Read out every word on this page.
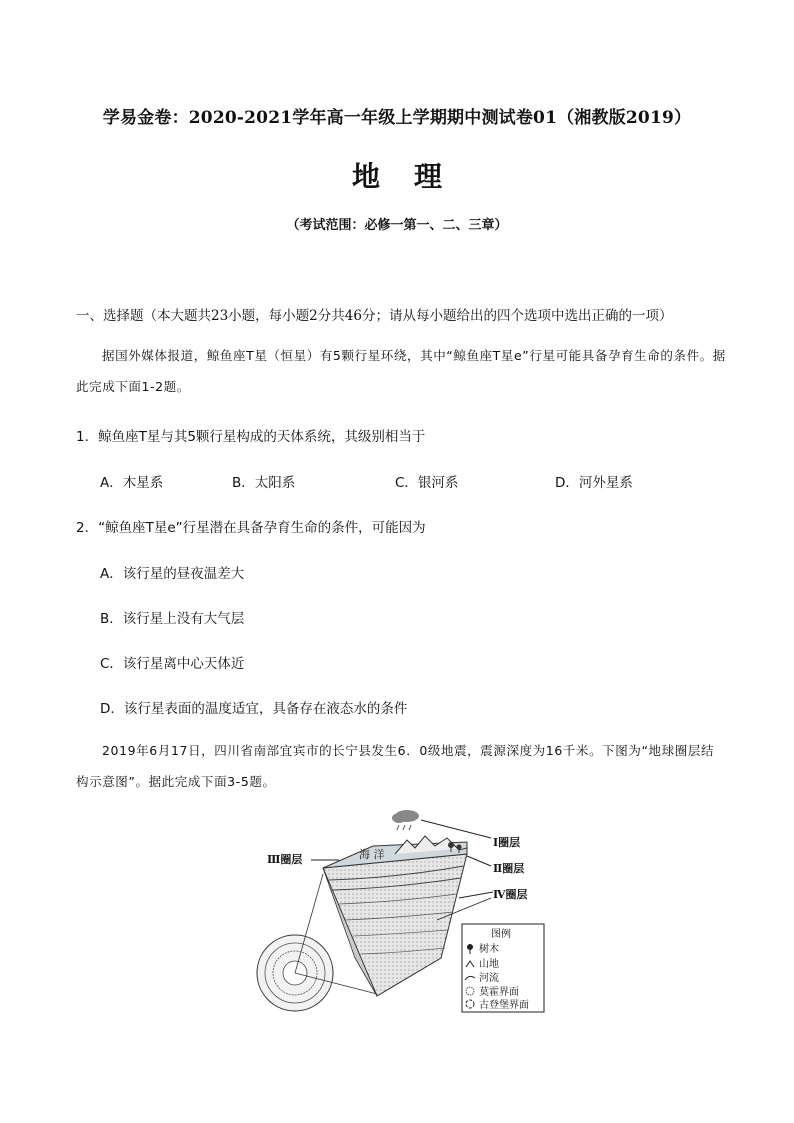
学易金卷：2020-2021学年高一年级上学期期中测试卷01（湘教版2019）
地理
（考试范围：必修一第一、二、三章）
一、选择题（本大题共23小题，每小题2分共46分；请从每小题给出的四个选项中选出正确的一项）
据国外媒体报道，鲸鱼座T星（恒星）有5颗行星环绕，其中“鲸鱼座T星e”行星可能具备孕育生命的条件。据此完成下面1-2题。
1．鲸鱼座T星与其5颗行星构成的天体系统，其级别相当于
A．木星系	B．太阳系	C．银河系	D．河外星系
2．“鲸鱼座T星e”行星潜在具备孕育生命的条件，可能因为
A．该行星的昼夜温差大
B．该行星上没有大气层
C．该行星离中心天体近
D．该行星表面的温度适宜，具备存在液态水的条件
2019年6月17日，四川省南部宜宾市的长宁县发生6．0级地震，震源深度为16千米。下图为“地球圈层结构示意图”。据此完成下面3-5题。
海 洋
Ⅰ圈层
Ⅱ圈层
Ⅲ圈层
Ⅳ圈层
图例
树木
山地
河流
莫霍界面
古登堡界面
